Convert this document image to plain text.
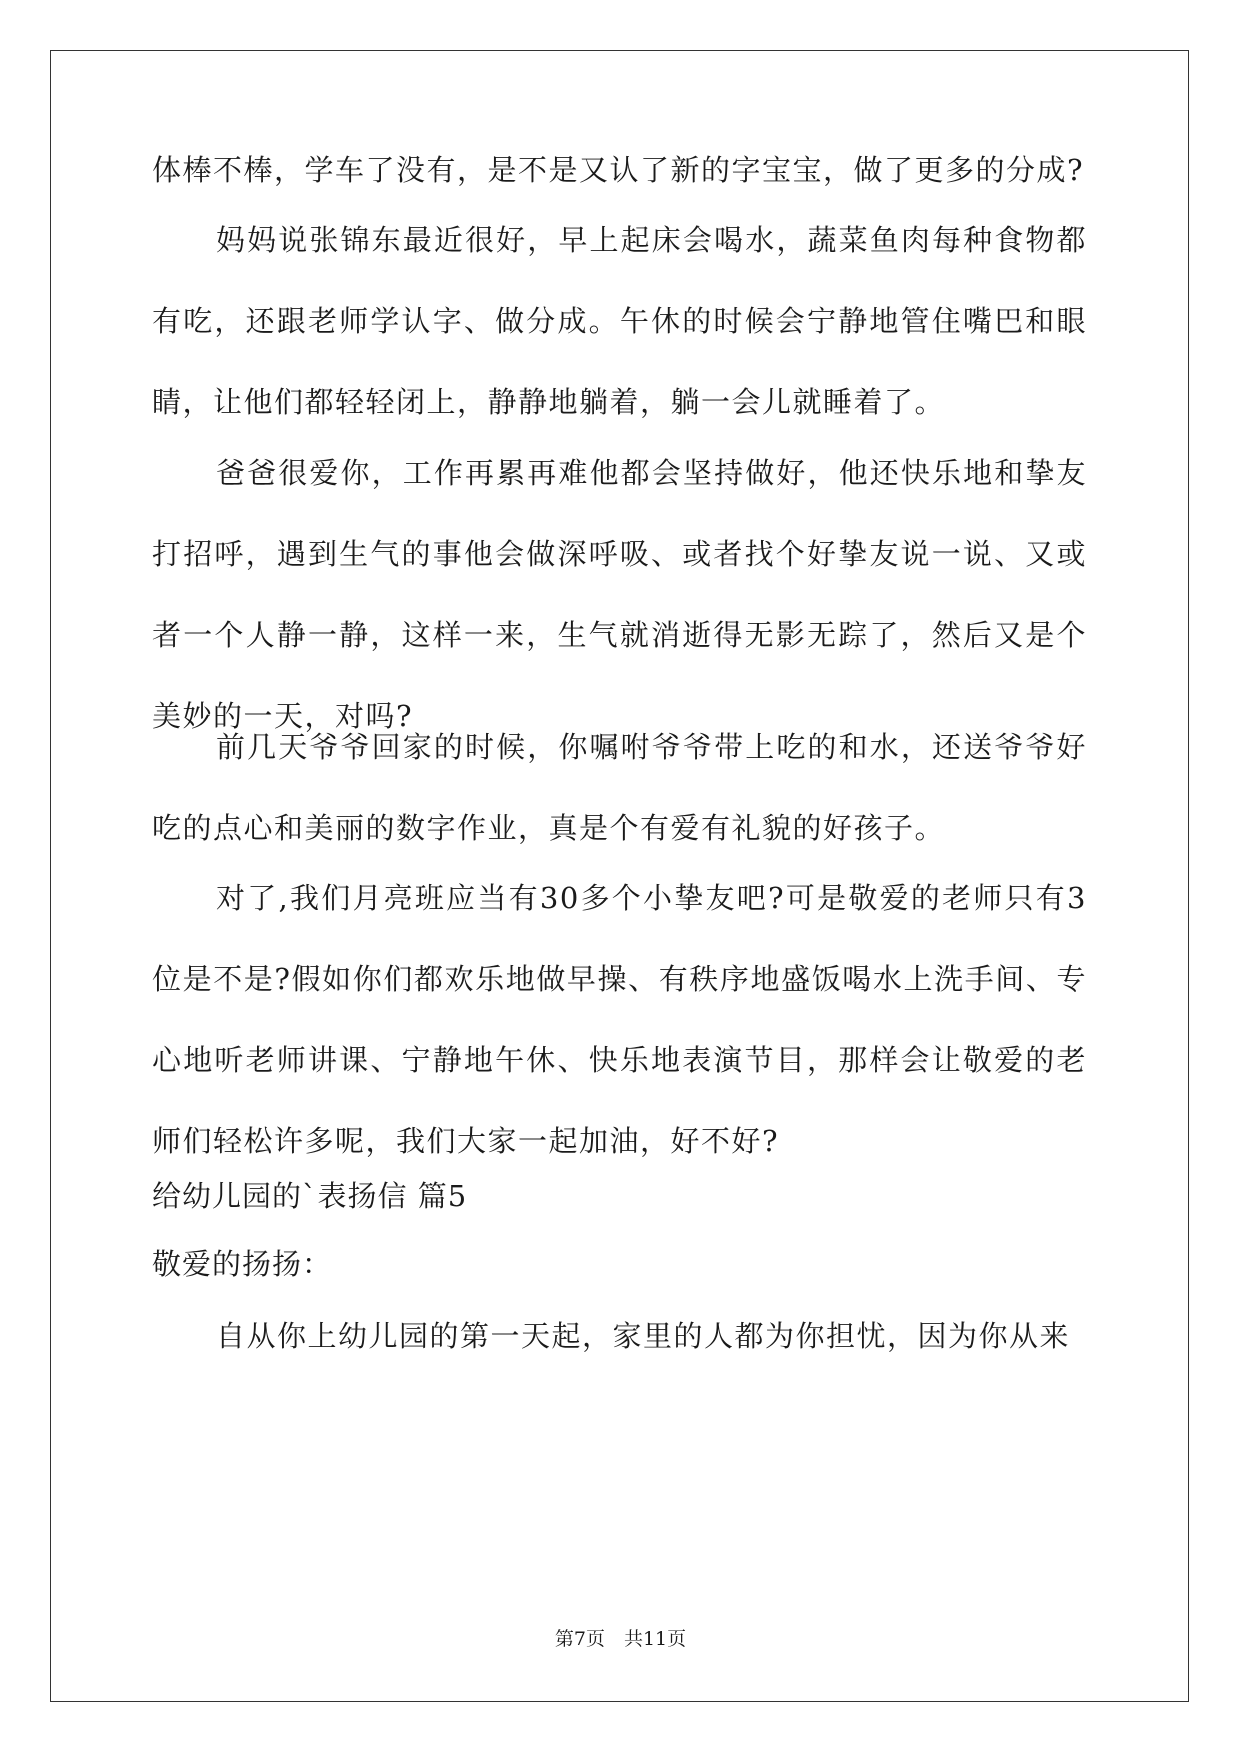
体棒不棒，学车了没有，是不是又认了新的字宝宝，做了更多的分成?
妈妈说张锦东最近很好，早上起床会喝水，蔬菜鱼肉每种食物都有吃，还跟老师学认字、做分成。午休的时候会宁静地管住嘴巴和眼睛，让他们都轻轻闭上，静静地躺着，躺一会儿就睡着了。
爸爸很爱你，工作再累再难他都会坚持做好，他还快乐地和挚友打招呼，遇到生气的事他会做深呼吸、或者找个好挚友说一说、又或者一个人静一静，这样一来，生气就消逝得无影无踪了，然后又是个美妙的一天，对吗?
前几天爷爷回家的时候，你嘱咐爷爷带上吃的和水，还送爷爷好吃的点心和美丽的数字作业，真是个有爱有礼貌的好孩子。
对了,我们月亮班应当有30多个小挚友吧?可是敬爱的老师只有3位是不是?假如你们都欢乐地做早操、有秩序地盛饭喝水上洗手间、专心地听老师讲课、宁静地午休、快乐地表演节目，那样会让敬爱的老师们轻松许多呢，我们大家一起加油，好不好?
给幼儿园的`表扬信 篇5
敬爱的扬扬：
自从你上幼儿园的第一天起，家里的人都为你担忧，因为你从来
第7页　共11页
